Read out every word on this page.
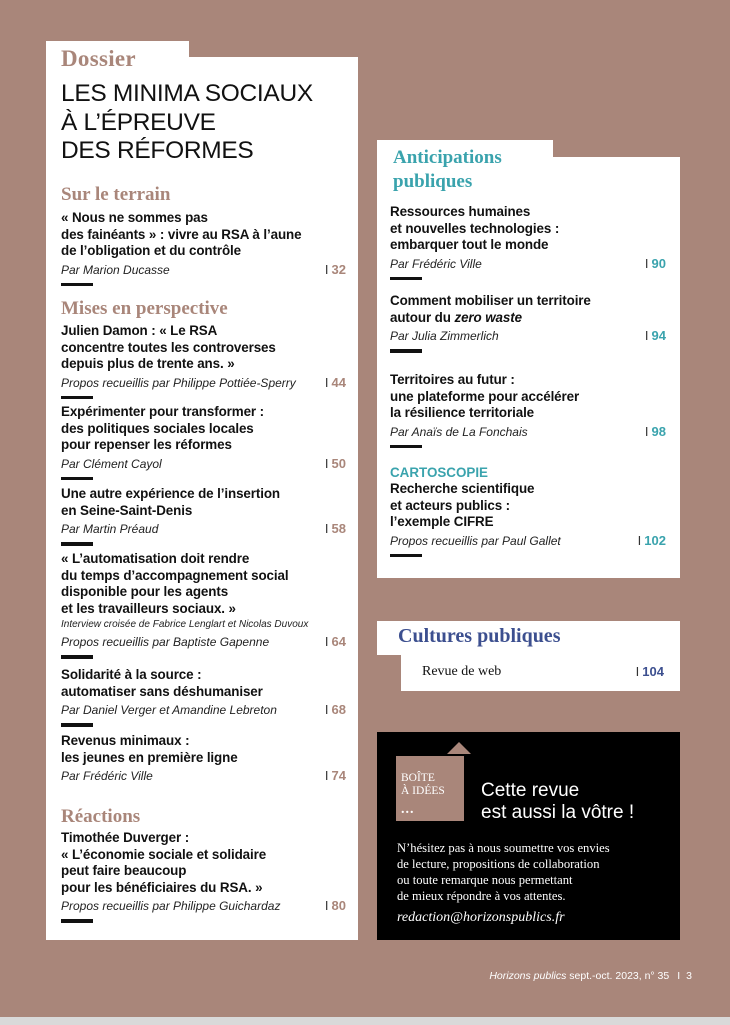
Dossier
LES MINIMA SOCIAUX
À L’ÉPREUVE
DES RÉFORMES
Sur le terrain
« Nous ne sommes pas
des fainéants » : vivre au RSA à l’aune
de l’obligation et du contrôle
Par Marion Ducasse	I 32
Mises en perspective
Julien Damon : « Le RSA
concentre toutes les controverses
depuis plus de trente ans. »
Propos recueillis par Philippe Pottiée-Sperry I 44
Expérimenter pour transformer :
des politiques sociales locales
pour repenser les réformes
Par Clément Cayol	I 50
Une autre expérience de l’insertion
en Seine-Saint-Denis
Par Martin Préaud	I 58
« L’automatisation doit rendre
du temps d’accompagnement social
disponible pour les agents
et les travailleurs sociaux. »
Interview croisée de Fabrice Lenglart et Nicolas Duvoux
Propos recueillis par Baptiste Gapenne	I 64
Solidarité à la source :
automatiser sans déshumaniser
Par Daniel Verger et Amandine Lebreton	I 68
Revenus minimaux :
les jeunes en première ligne
Par Frédéric Ville	I 74
Réactions
Timothée Duverger :
« L’économie sociale et solidaire
peut faire beaucoup
pour les bénéficiaires du RSA. »
Propos recueillis par Philippe Guichardaz	I 80
Anticipations
publiques
Ressources humaines
et nouvelles technologies :
embarquer tout le monde
Par Frédéric Ville	I 90
Comment mobiliser un territoire
autour du zero waste
Par Julia Zimmerlich	I 94
Territoires au futur :
une plateforme pour accélérer
la résilience territoriale
Par Anaïs de La Fonchais	I 98
CARTOSCOPIE
Recherche scientifique
et acteurs publics :
l’exemple CIFRE
Propos recueillis par Paul Gallet	I 102
Cultures publiques
Revue de web	I 104
BOÎTE
À IDÉES
...
Cette revue
est aussi la vôtre !
N’hésitez pas à nous soumettre vos envies
de lecture, propositions de collaboration
ou toute remarque nous permettant
de mieux répondre à vos attentes.
redaction@horizonspublics.fr
Horizons publics sept.-oct. 2023, n° 35 I 3
